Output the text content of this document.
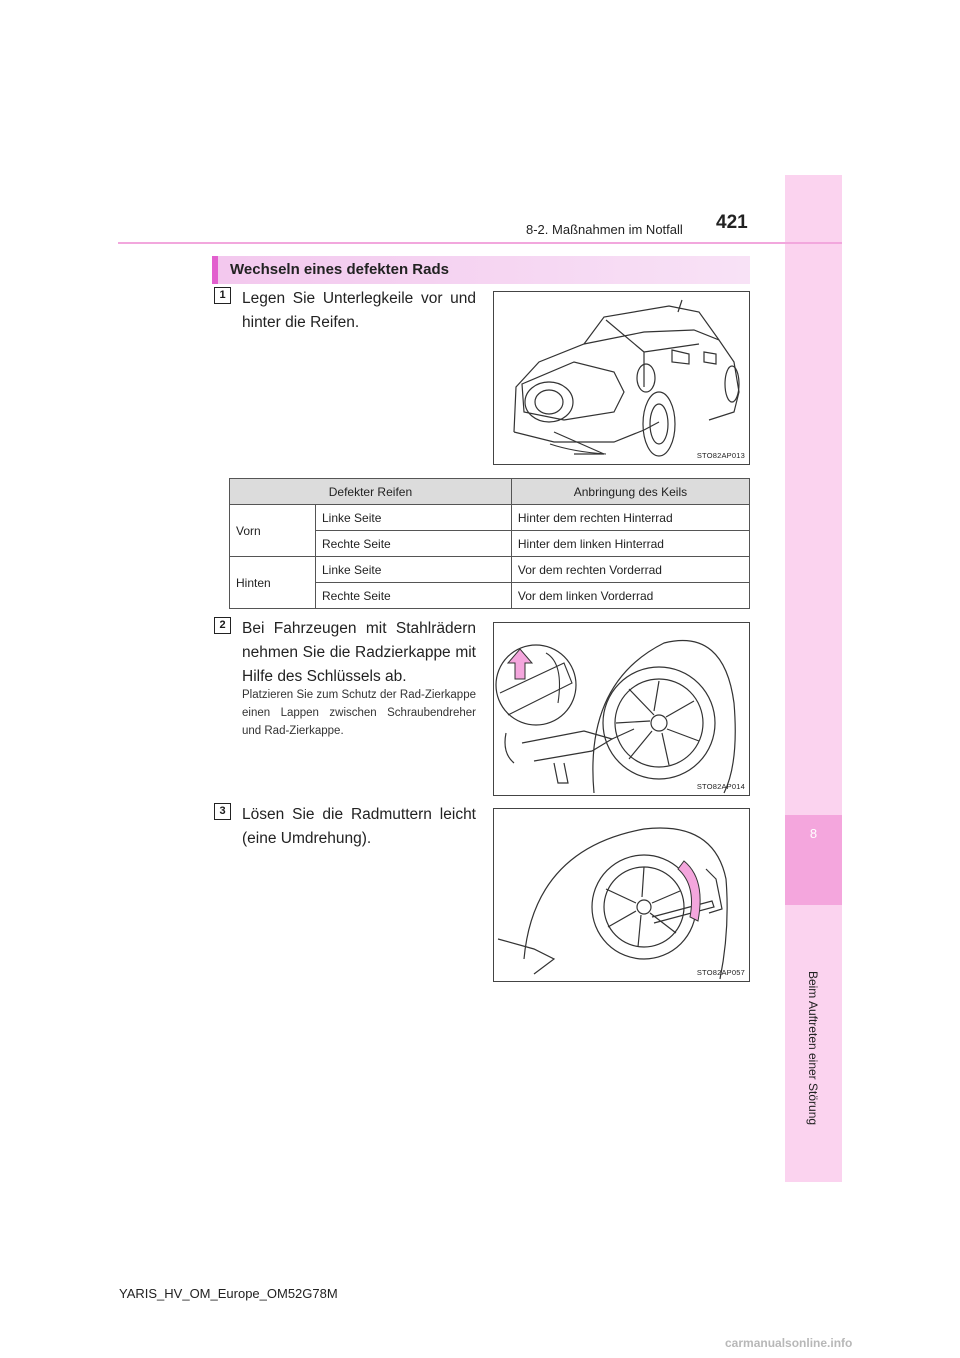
8
Beim Auftreten einer Störung
8-2. Maßnahmen im Notfall 421
Wechseln eines defekten Rads
1	Legen Sie Unterlegkeile vor und hinter die Reifen.
STO82AP013
Defekter Reifen		Anbringung des Keils
Vorn	Linke Seite	Hinter dem rechten Hinterrad
	Rechte Seite	Hinter dem linken Hinterrad
Hinten	Linke Seite	Vor dem rechten Vorderrad
	Rechte Seite	Vor dem linken Vorderrad
2	Bei Fahrzeugen mit Stahlrädern nehmen Sie die Radzierkappe mit Hilfe des Schlüssels ab.
Platzieren Sie zum Schutz der Rad-Zierkappe einen Lappen zwischen Schraubendreher und Rad-Zierkappe.
STO82AP014
3	Lösen Sie die Radmuttern leicht (eine Umdrehung).
STO82AP057
YARIS_HV_OM_Europe_OM52G78M
carmanualsonline.info
